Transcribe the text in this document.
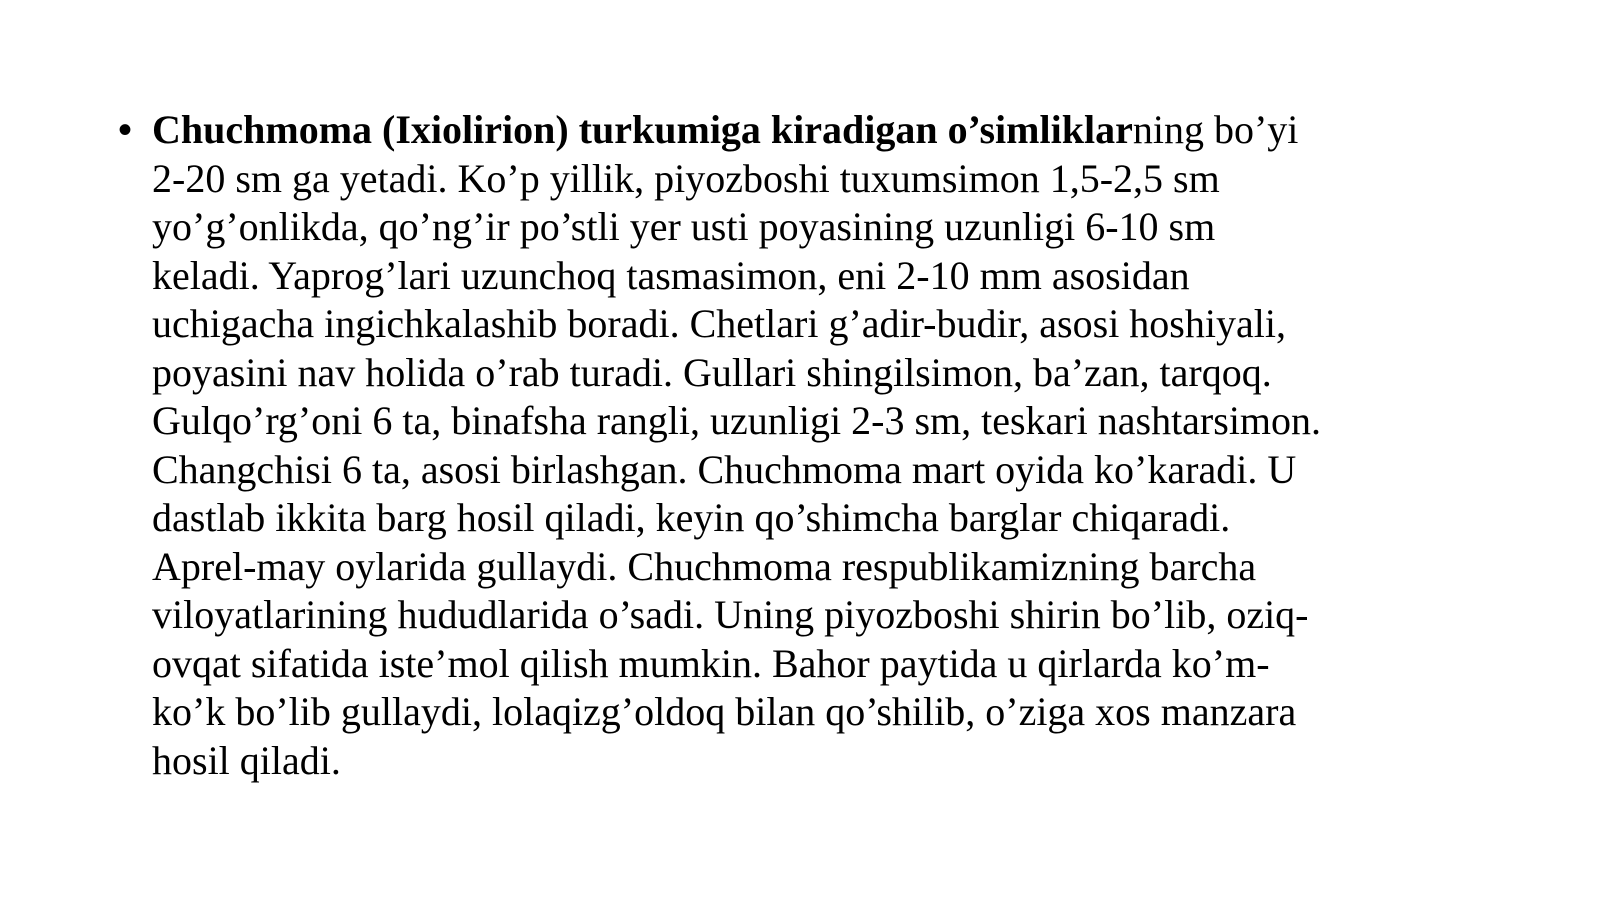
• Chuchmoma (Ixiolirion) turkumiga kiradigan o’simliklarning bo’yi
2-20 sm ga yetadi. Ko’p yillik, piyozboshi tuxumsimon 1,5-2,5 sm
yo’g’onlikda, qo’ng’ir po’stli yer usti poyasining uzunligi 6-10 sm
keladi. Yaprog’lari uzunchoq tasmasimon, eni 2-10 mm asosidan
uchigacha ingichkalashib boradi. Chetlari g’adir-budir, asosi hoshiyali,
poyasini nav holida o’rab turadi. Gullari shingilsimon, ba’zan, tarqoq.
Gulqo’rg’oni 6 ta, binafsha rangli, uzunligi 2-3 sm, teskari nashtarsimon.
Changchisi 6 ta, asosi birlashgan. Chuchmoma mart oyida ko’karadi. U
dastlab ikkita barg hosil qiladi, keyin qo’shimcha barglar chiqaradi.
Aprel-may oylarida gullaydi. Chuchmoma respublikamizning barcha
viloyatlarining hududlarida o’sadi. Uning piyozboshi shirin bo’lib, oziq-
ovqat sifatida iste’mol qilish mumkin. Bahor paytida u qirlarda ko’m-
ko’k bo’lib gullaydi, lolaqizg’oldoq bilan qo’shilib, o’ziga xos manzara
hosil qiladi.
